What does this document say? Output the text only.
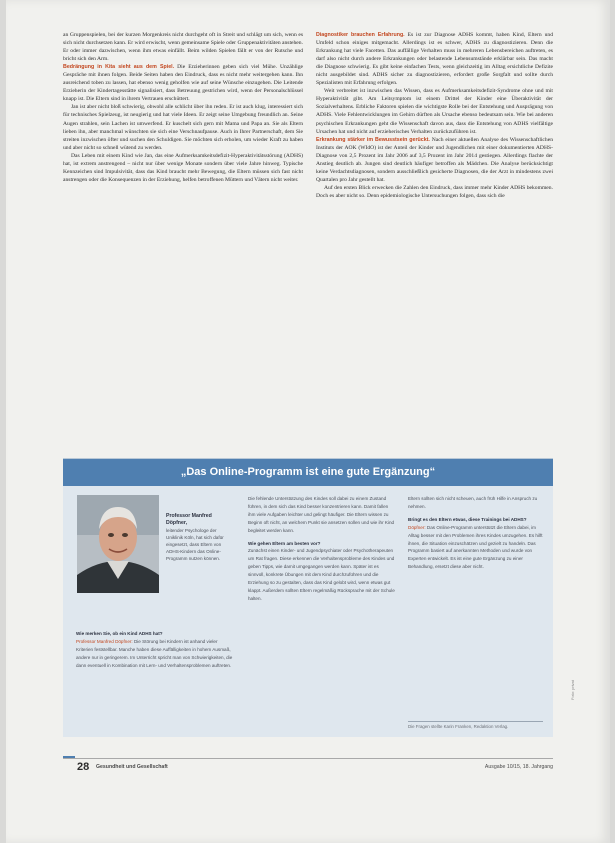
an Gruppenspielen, bei der kurzen Morgenkreis nicht durchgeht oft in Streit und schlägt um sich, wenn es sich nicht durchsetzen kann. Er wird erwischt, wenn gemeinsame Spiele oder Gruppenaktivitäten anstehen. Er oder immer dazwischen, wenn ihm etwas einfällt. Beim wilden Spielen fällt er von der Rutsche und bricht sich den Arm.

Bedrängung in Kita sieht aus dem Spiel. Die Erzieherinnen geben sich viel Mühe. Unzählige Gespräche mit ihnen folgen. Beide Seiten haben den Eindruck, dass es nicht mehr weitergehen kann. Ihn ausreichend toben zu lassen, hat ebenso wenig geholfen wie auf seine Wünsche einzugehen. Die Leitende Erzieherin der Kindertagesstätte signalisiert, dass Betreuung gestrichen wird, wenn der Personalschlüssel knapp ist. Die Eltern sind in ihrem Vertrauen erschüttert.

Jan ist aber nicht bloß schwierig, obwohl alle schlicht über ihn reden. Er ist auch klug, interessiert sich für technisches Spielzeug, ist neugierig und hat viele Ideen. Er zeigt seine Umgebung freundlich an. Seine Augen strahlen, sein Lachen ist umwerfend. Er kuschelt sich gern mit Mama und Papa an. Sie als Eltern lieben ihn, aber manchmal wünschten sie sich eine Verschnaufpause. Auch in Ihrer Partnerschaft, dem Sie streiten inzwischen öfter und suchen den Schuldigen. Sie möchten sich erholen, um wieder Kraft zu haben und aber nicht so schnell wütend zu werden.

Das Leben mit einem Kind wie Jan, das eine Aufmerksamkeitsdefizit-Hyperaktivitätsstörung (ADHS) hat, ist extrem anstrengend – nicht nur über wenige Monate sondern über viele Jahre hinweg. Typische Kennzeichen sind Impulsivität, dass das Kind braucht mehr Bewegung, die Eltern müssen sich fast nicht anstrengen oder die Konsequenzen in der Erziehung, helfen betroffenen Müttern und Vätern nicht weiter.

Diagnostiker brauchen Erfahrung. Es ist zur Diagnose ADHS kommt, haben Kind, Eltern und Umfeld schon einiges mitgemacht. Allerdings ist es schwer, ADHS zu diagnostizieren. Denn die Erkrankung hat viele Facetten. Das auffällige Verhalten muss in mehreren Lebensbereichen auftreten, es darf also nicht durch andere Erkrankungen oder belastende Lebensumstände erklärbar sein. Das macht die Diagnose schwierig. Es gibt keine einfachen Tests, wenn gleichzeitig im Alltag ersichtliche Defizite nicht ausgebildet sind. ADHS sicher zu diagnostizieren, erfordert große Sorgfalt und sollte durch Spezialisten mit Erfahrung erfolgen.

Weit verbreitet ist inzwischen das Wissen, dass es Aufmerksamkeitsdefizit-Syndrome ohne und mit Hyperaktivität gibt. Am Leitsymptom ist einem Drittel der Kinder eine Überaktivität der Sozialverhaltens. Erbliche Faktoren spielen die wichtigste Rolle bei der Entstehung und Ausprägung von ADHS. Viele Fehlentwicklungen im Gehirn dürften als Ursache ebenso bedeutsam sein. Wie bei anderen psychischen Erkrankungen geht die Wissenschaft davon aus, dass die Entstehung von ADHS vielfältige Ursachen hat und nicht auf erzieherisches Verhalten zurückzuführen ist.

Erkrankung stärker im Bewusstsein gerückt. Nach einer aktuellen Analyse des Wissenschaftlichen Instituts der AOK (WIdO) ist der Anteil der Kinder und Jugendlichen mit einer dokumentierten ADHS-Diagnose von 2,5 Prozent im Jahr 2006 auf 3,5 Prozent im Jahr 2014 gestiegen. Allerdings flachte der Anstieg deutlich ab. Jungen sind deutlich häufiger betroffen als Mädchen. Die Analyse berücksichtigt keine Verdachtsdiagnosen, sondern ausschließlich gesicherte Diagnosen, die der Arzt in mindestens zwei Quartalen pro Jahr gestellt hat.

Auf den ersten Blick erwecken die Zahlen den Eindruck, dass immer mehr Kinder ADHS bekommen. Doch es aber nicht so. Denn epidemiologische Untersuchungen folgen, dass sich die

„Das Online-Programm ist eine gute Ergänzung“
Professor Manfred Döpfner,
leitender Psychologe der Uniklinik Köln, hat sich dafür eingesetzt, dass Eltern von ADHS-Kindern das Online-Programm nutzen können.

Wie merken Sie, ob ein Kind ADHS hat?

Professor Manfred Döpfner: Die Störung bei Kindern ist anhand vieler Kriterien feststellbar. Manche haben diese Auffälligkeiten in hohem Ausmaß, andere nur in geringerem. Im Unterricht spricht man von Schwierigkeiten, die dann eventuell in Kombination mit Lern- und Verhaltensproblemen auftreten.

Die fehlende Unterstützung des Kindes soll dabei zu einem Zustand führen, in dem sich das Kind besser konzentrieren kann. Damit fallen ihm viele Aufgaben leichter und gelingt häufiger. Die Eltern wissen zu Beginn oft nicht, an welchem Punkt sie ansetzen sollen und wie ihr Kind begleitet werden kann.

Wie gehen Eltern am besten vor?

Zunächst einen Kinder- und Jugendpsychiater oder Psychotherapeuten um Rat fragen. Diese erkennen die Verhaltensprobleme des Kindes und geben Tipps, wie damit umgegangen werden kann. Später ist es sinnvoll, konkrete Übungen mit dem Kind durchzuführen und die Erziehung so zu gestalten, dass das Kind gelobt wird, wenn etwas gut klappt. Außerdem sollten Eltern regelmäßig Rücksprache mit der Schule halten.

Eltern sollten sich nicht scheuen, auch früh Hilfe in Anspruch zu nehmen.

Bringt es den Eltern etwas, diese Trainings bei ADHS?

Döpfner: Das Online-Programm unterstützt die Eltern dabei, im Alltag besser mit den Problemen ihres Kindes umzugehen. Es hilft ihnen, die Situation einzuschätzen und gezielt zu handeln. Das Programm basiert auf anerkannten Methoden und wurde von Experten entwickelt. Es ist eine gute Ergänzung zu einer Behandlung, ersetzt diese aber nicht.

Die Fragen stellte Karin Franken, Redaktion Verlag.
28 Gesundheit und Gesellschaft	Ausgabe 10/15, 18. Jahrgang
Foto: privat
